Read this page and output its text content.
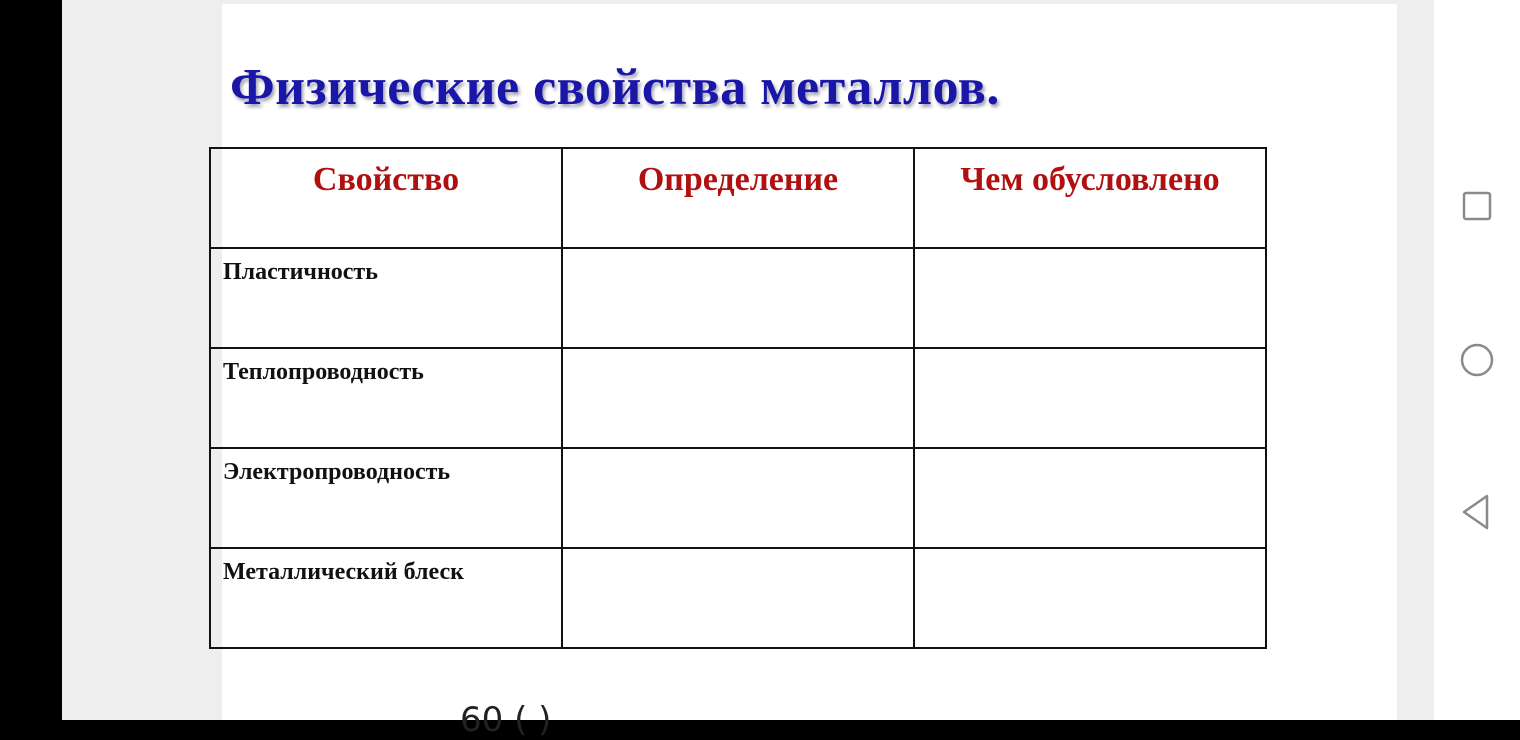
Физические свойства металлов.
Свойство	Определение	Чем обусловлено
Пластичность		
Теплопроводность		
Электропроводность		
Металлический блеск		
60 ( )
